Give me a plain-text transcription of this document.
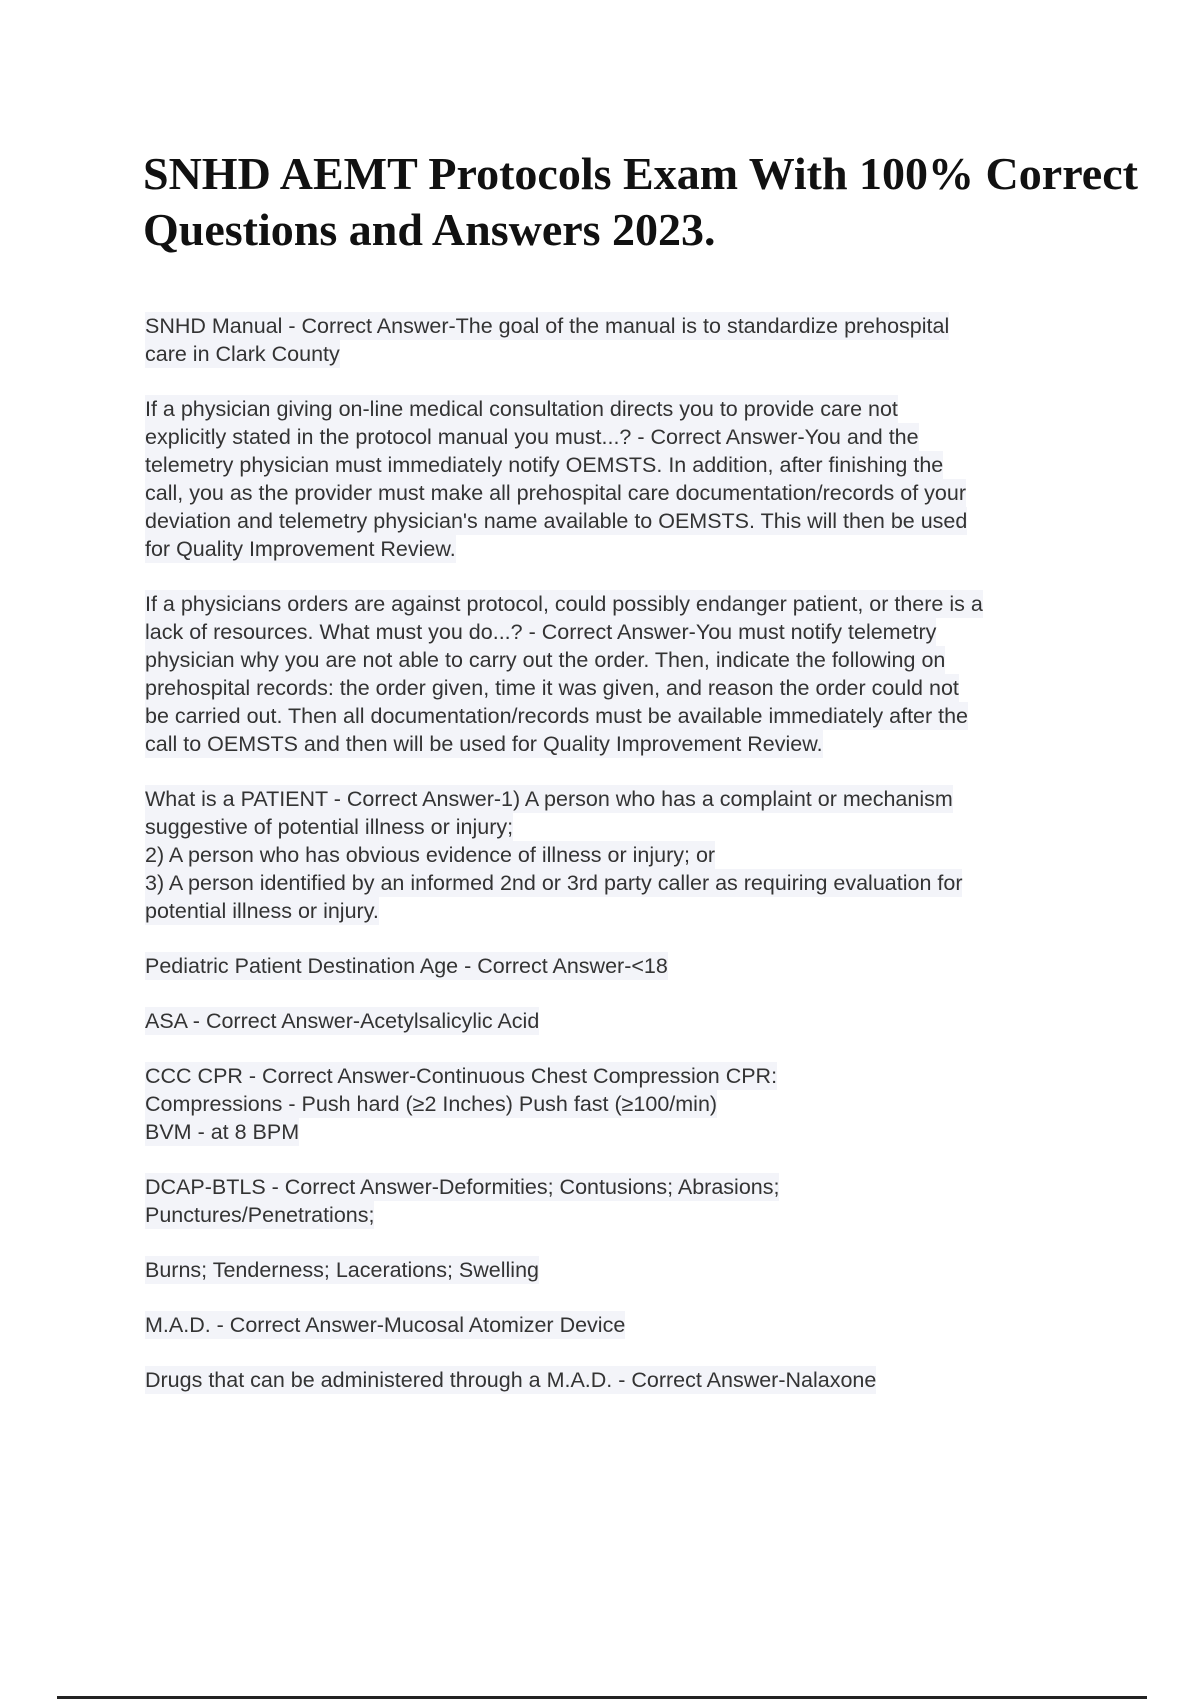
SNHD AEMT Protocols Exam With 100% Correct
Questions and Answers 2023.
SNHD Manual - Correct Answer-The goal of the manual is to standardize prehospital
care in Clark County
If a physician giving on-line medical consultation directs you to provide care not
explicitly stated in the protocol manual you must...? - Correct Answer-You and the
telemetry physician must immediately notify OEMSTS. In addition, after finishing the
call, you as the provider must make all prehospital care documentation/records of your
deviation and telemetry physician's name available to OEMSTS. This will then be used
for Quality Improvement Review.
If a physicians orders are against protocol, could possibly endanger patient, or there is a
lack of resources. What must you do...? - Correct Answer-You must notify telemetry
physician why you are not able to carry out the order. Then, indicate the following on
prehospital records: the order given, time it was given, and reason the order could not
be carried out. Then all documentation/records must be available immediately after the
call to OEMSTS and then will be used for Quality Improvement Review.
What is a PATIENT - Correct Answer-1) A person who has a complaint or mechanism
suggestive of potential illness or injury;
2) A person who has obvious evidence of illness or injury; or
3) A person identified by an informed 2nd or 3rd party caller as requiring evaluation for
potential illness or injury.
Pediatric Patient Destination Age - Correct Answer-<18
ASA - Correct Answer-Acetylsalicylic Acid
CCC CPR - Correct Answer-Continuous Chest Compression CPR:
Compressions - Push hard (≥2 Inches) Push fast (≥100/min)
BVM - at 8 BPM
DCAP-BTLS - Correct Answer-Deformities; Contusions; Abrasions;
Punctures/Penetrations;
Burns; Tenderness; Lacerations; Swelling
M.A.D. - Correct Answer-Mucosal Atomizer Device
Drugs that can be administered through a M.A.D. - Correct Answer-Nalaxone
